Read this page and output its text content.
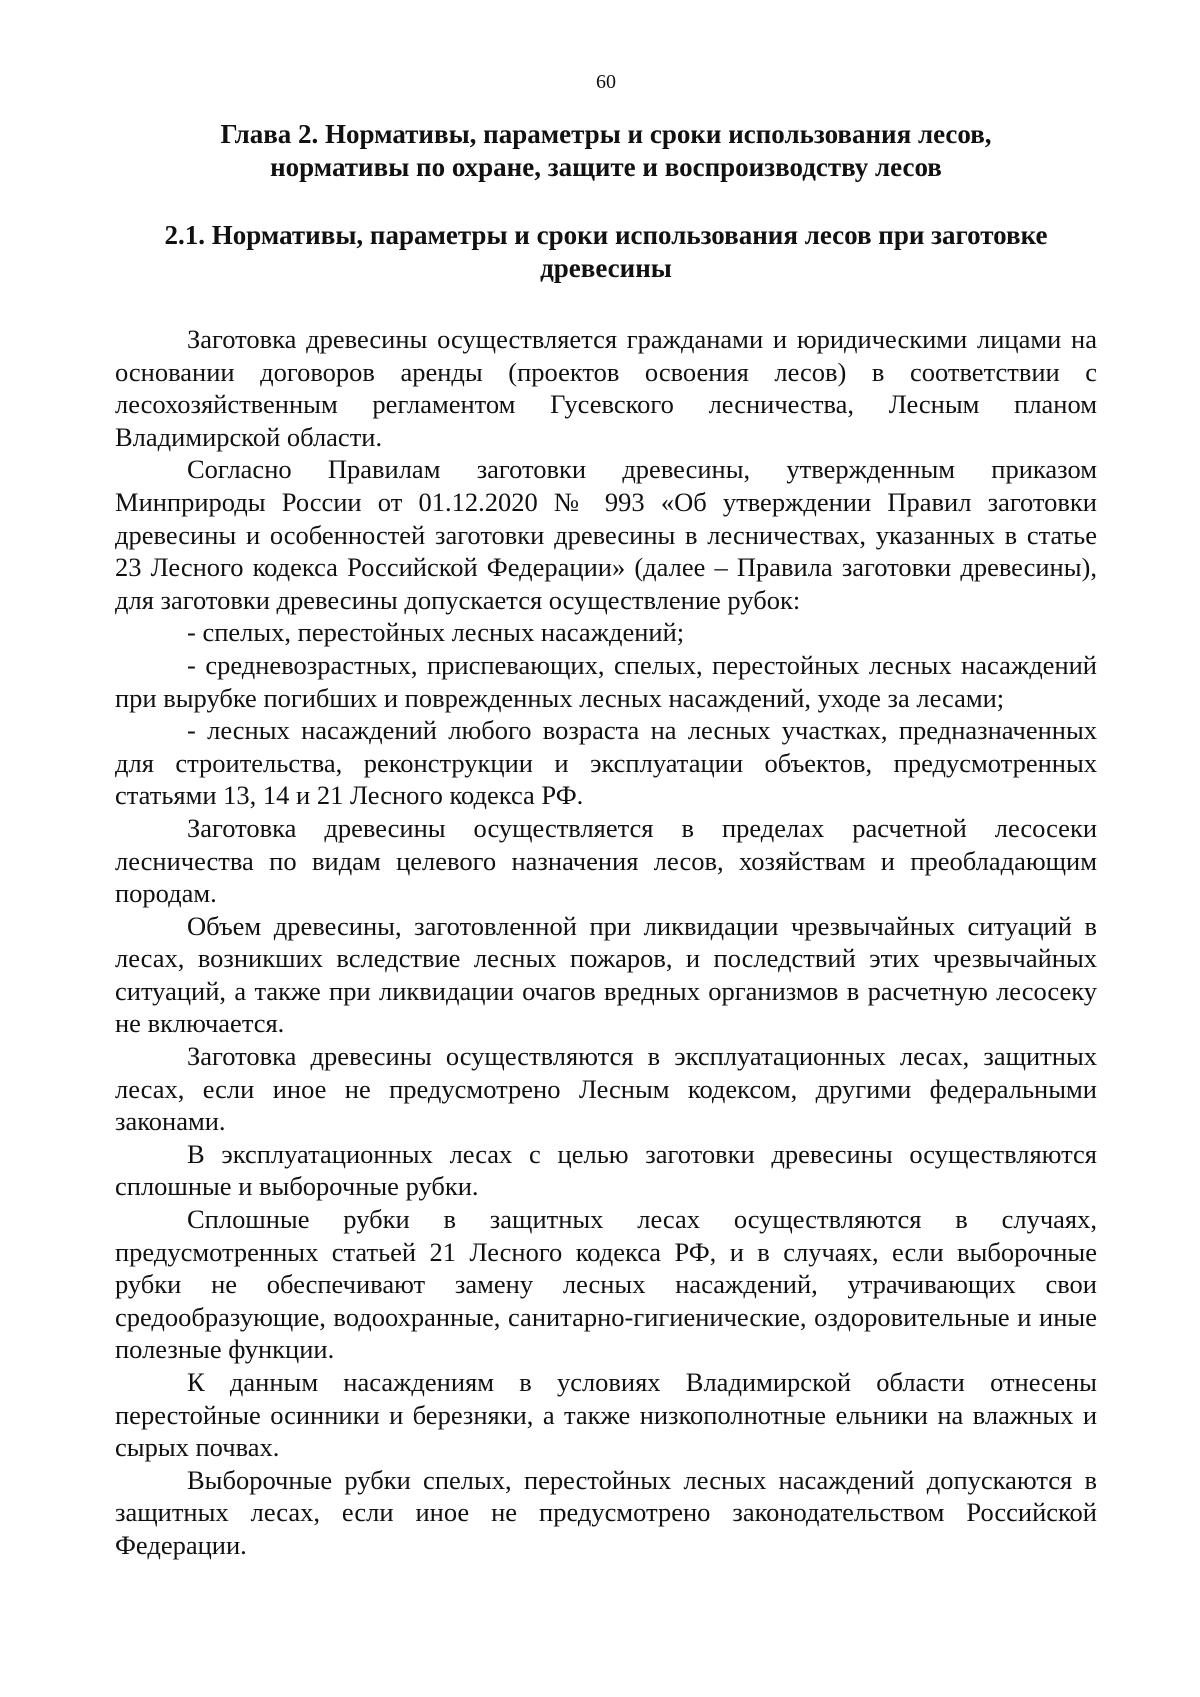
60
Глава 2. Нормативы, параметры и сроки использования лесов,
нормативы по охране, защите и воспроизводству лесов
2.1. Нормативы, параметры и сроки использования лесов при заготовке
древесины

Заготовка древесины осуществляется гражданами и юридическими лицами на основании договоров аренды (проектов освоения лесов) в соответствии с лесохозяйственным регламентом Гусевского лесничества, Лесным планом Владимирской области.

Согласно Правилам заготовки древесины, утвержденным приказом Минприроды России от 01.12.2020 № 993 «Об утверждении Правил заготовки древесины и особенностей заготовки древесины в лесничествах, указанных в статье 23 Лесного кодекса Российской Федерации» (далее – Правила заготовки древесины), для заготовки древесины допускается осуществление рубок:

- спелых, перестойных лесных насаждений;

- средневозрастных, приспевающих, спелых, перестойных лесных насаждений при вырубке погибших и поврежденных лесных насаждений, уходе за лесами;

- лесных насаждений любого возраста на лесных участках, предназначенных для строительства, реконструкции и эксплуатации объектов, предусмотренных статьями 13, 14 и 21 Лесного кодекса РФ.

Заготовка древесины осуществляется в пределах расчетной лесосеки лесничества по видам целевого назначения лесов, хозяйствам и преобладающим породам.

Объем древесины, заготовленной при ликвидации чрезвычайных ситуаций в лесах, возникших вследствие лесных пожаров, и последствий этих чрезвычайных ситуаций, а также при ликвидации очагов вредных организмов в расчетную лесосеку не включается.

Заготовка древесины осуществляются в эксплуатационных лесах, защитных лесах, если иное не предусмотрено Лесным кодексом, другими федеральными законами.

В эксплуатационных лесах с целью заготовки древесины осуществляются сплошные и выборочные рубки.

Сплошные рубки в защитных лесах осуществляются в случаях, предусмотренных статьей 21 Лесного кодекса РФ, и в случаях, если выборочные рубки не обеспечивают замену лесных насаждений, утрачивающих свои средообразующие, водоохранные, санитарно-гигиенические, оздоровительные и иные полезные функции.

К данным насаждениям в условиях Владимирской области отнесены перестойные осинники и березняки, а также низкополнотные ельники на влажных и сырых почвах.

Выборочные рубки спелых, перестойных лесных насаждений допускаются в защитных лесах, если иное не предусмотрено законодательством Российской Федерации.
